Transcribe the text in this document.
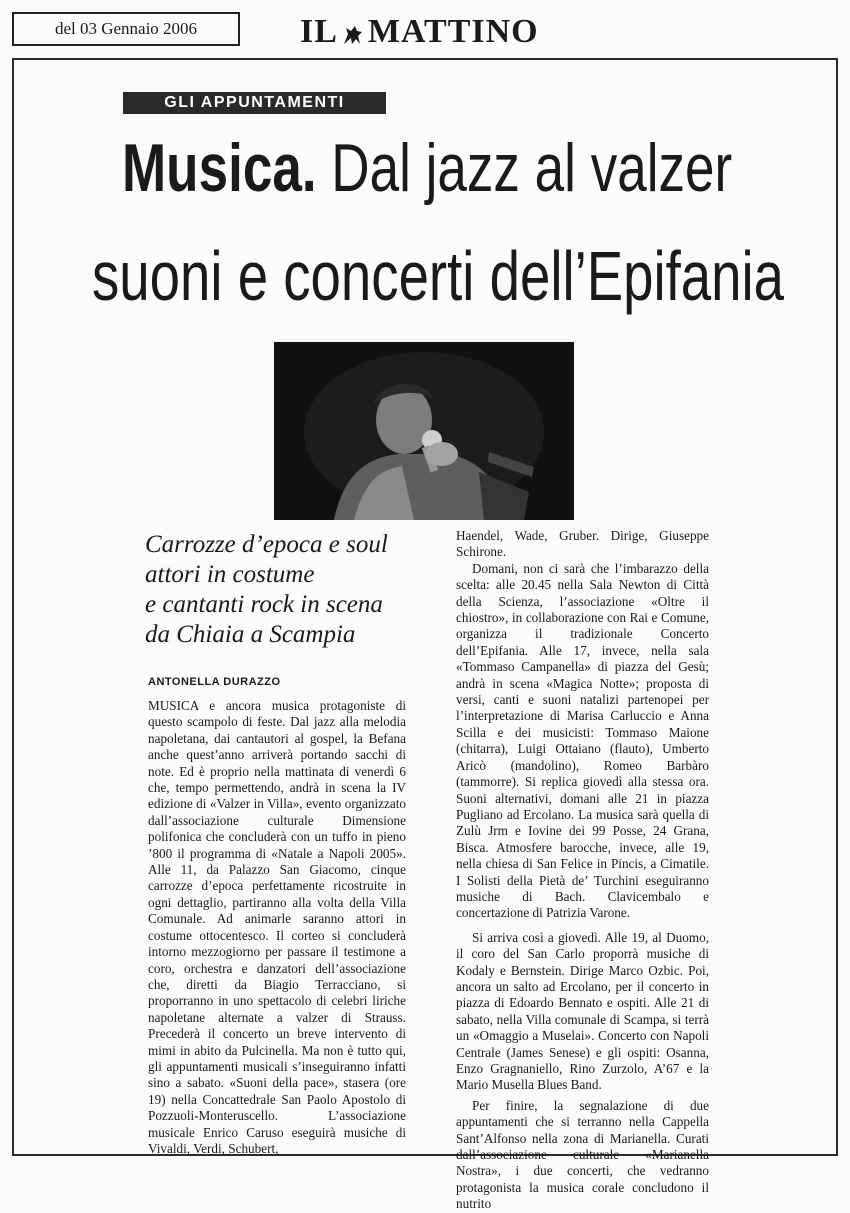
del 03 Gennaio 2006	IL MATTINO
GLI APPUNTAMENTI
Musica. Dal jazz al valzer
suoni e concerti dell’Epifania
Carrozze d’epoca e soul
attori in costume
e cantanti rock in scena
da Chiaia a Scampia
ANTONELLA DURAZZO

MUSICA e ancora musica protagoniste di questo scampolo di feste. Dal jazz alla melodia napoletana, dai cantautori al gospel, la Befana anche quest’anno arriverà portando sacchi di note. Ed è proprio nella mattinata di venerdì 6 che, tempo permettendo, andrà in scena la IV edizione di «Valzer in Villa», evento organizzato dall’associazione culturale Dimensione polifonica che concluderà con un tuffo in pieno ’800 il programma di «Natale a Napoli 2005». Alle 11, da Palazzo San Giacomo, cinque carrozze d’epoca perfettamente ricostruite in ogni dettaglio, partiranno alla volta della Villa Comunale. Ad animarle saranno attori in costume ottocentesco. Il corteo si concluderà intorno mezzogiorno per passare il testimone a coro, orchestra e danzatori dell’associazione che, diretti da Biagio Terracciano, si proporranno in uno spettacolo di celebri liriche napoletane alternate a valzer di Strauss. Precederà il concerto un breve intervento di mimi in abito da Pulcinella. Ma non è tutto qui, gli appuntamenti musicali s’inseguiranno infatti sino a sabato. «Suoni della pace», stasera (ore 19) nella Concattedrale San Paolo Apostolo di Pozzuoli-Monteruscello. L’associazione musicale Enrico Caruso eseguirà musiche di Vivaldi, Verdi, Schubert,

Haendel, Wade, Gruber. Dirige, Giuseppe Schirone.

Domani, non ci sarà che l’imbarazzo della scelta: alle 20.45 nella Sala Newton di Città della Scienza, l’associazione «Oltre il chiostro», in collaborazione con Rai e Comune, organizza il tradizionale Concerto dell’Epifania. Alle 17, invece, nella sala «Tommaso Campanella» di piazza del Gesù; andrà in scena «Magica Notte»; proposta di versi, canti e suoni natalizi partenopei per l’interpretazione di Marisa Carluccio e Anna Scilla e dei musicisti: Tommaso Maione (chitarra), Luigi Ottaiano (flauto), Umberto Aricò (mandolino), Romeo Barbàro (tammorre). Si replica giovedì alla stessa ora. Suoni alternativi, domani alle 21 in piazza Pugliano ad Ercolano. La musica sarà quella di Zulù Jrm e Iovine dei 99 Posse, 24 Grana, Bisca. Atmosfere barocche, invece, alle 19, nella chiesa di San Felice in Pincis, a Cimatile. I Solisti della Pietà de’ Turchini eseguiranno musiche di Bach. Clavicembalo e concertazione di Patrizia Varone.

Si arriva così a giovedì. Alle 19, al Duomo, il coro del San Carlo proporrà musiche di Kodaly e Bernstein. Dirige Marco Ozbic. Poi, ancora un salto ad Ercolano, per il concerto in piazza di Edoardo Bennato e ospiti. Alle 21 di sabato, nella Villa comunale di Scampa, si terrà un «Omaggio a Muselai». Concerto con Napoli Centrale (James Senese) e gli ospiti: Osanna, Enzo Gragnaniello, Rino Zurzolo, A’67 e la Mario Musella Blues Band.

Per finire, la segnalazione di due appuntamenti che si terranno nella Cappella Sant’Alfonso nella zona di Marianella. Curati dall’associazione culturale «Marianella Nostra», i due concerti, che vedranno protagonista la musica corale concludono il nutrito
